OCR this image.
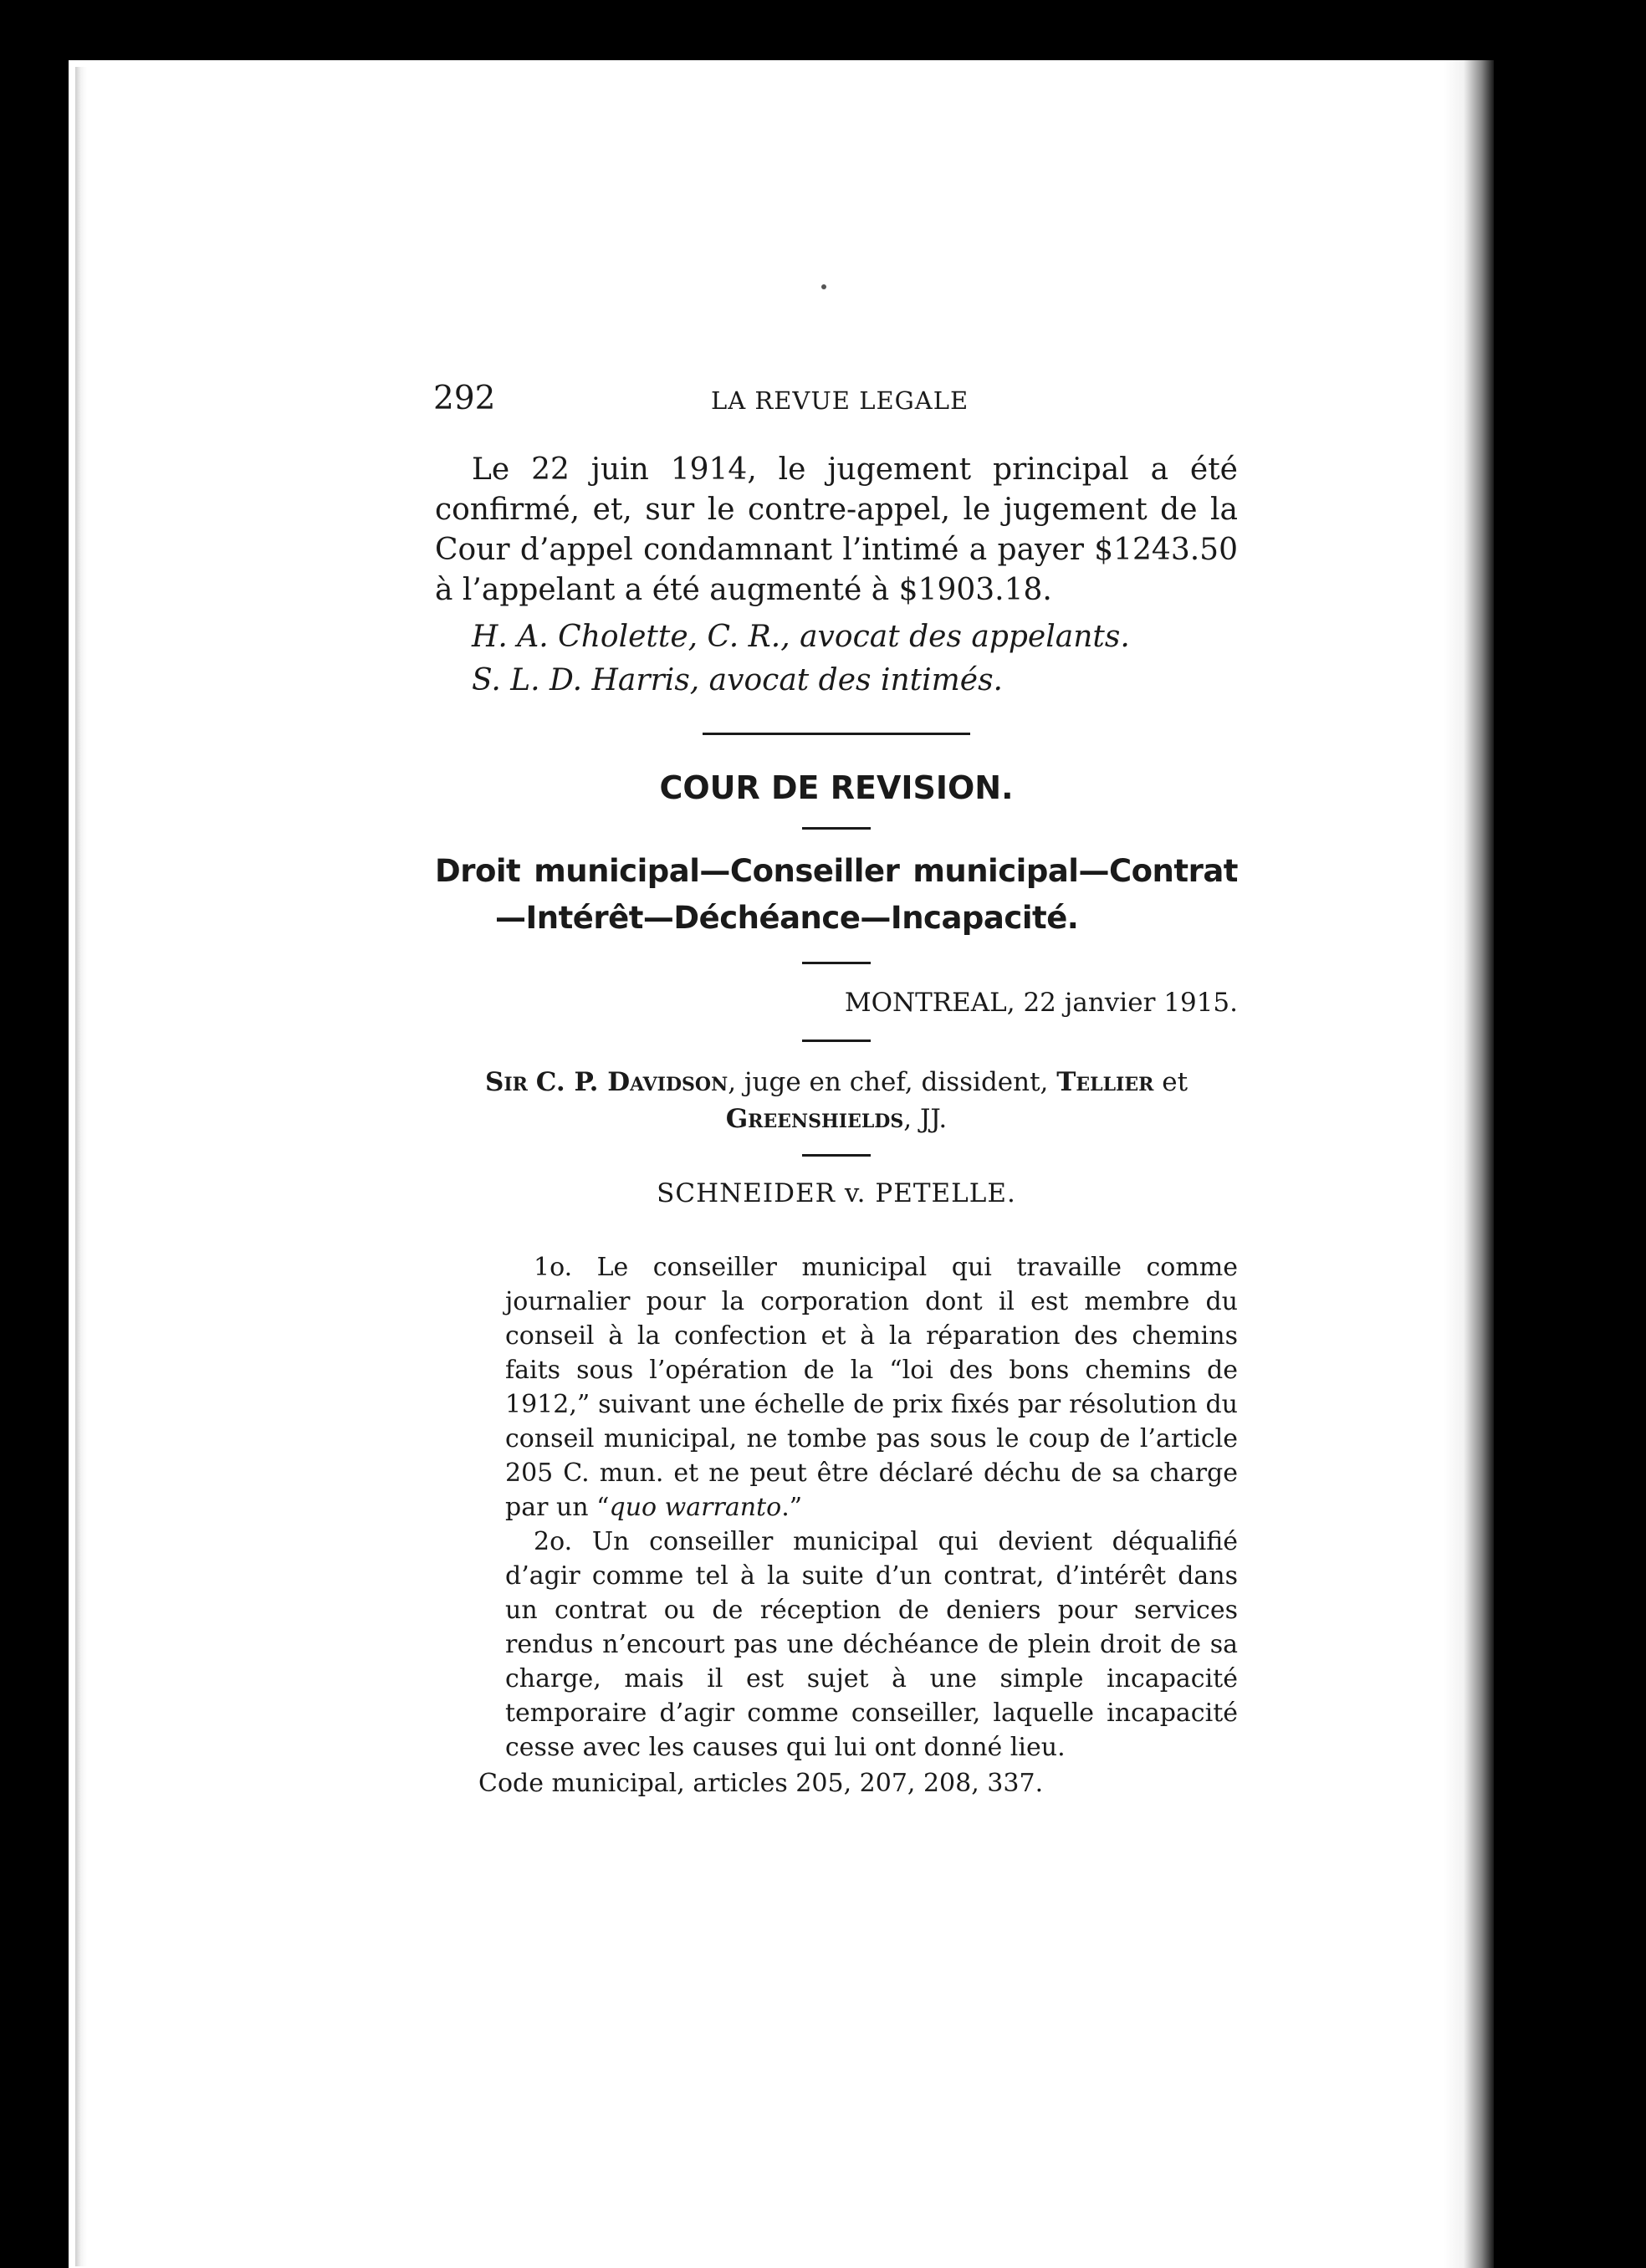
292	LA REVUE LEGALE

Le 22 juin 1914, le jugement principal a été confirmé, et, sur le contre-appel, le jugement de la Cour d’appel condamnant l’intimé a payer $1243.50 à l’appelant a été augmenté à $1903.18.

H. A. Cholette, C. R., avocat des appelants.

S. L. D. Harris, avocat des intimés.

COUR DE REVISION.
Droit municipal—Conseiller municipal—Contrat—Intérêt—Déchéance—Incapacité.
MONTREAL, 22 janvier 1915.
Sir C. P. Davidson, juge en chef, dissident, Tellier et Greenshields, JJ.
SCHNEIDER v. PETELLE.

1o. Le conseiller municipal qui travaille comme journalier pour la corporation dont il est membre du conseil à la confection et à la réparation des chemins faits sous l’opération de la “loi des bons chemins de 1912,” suivant une échelle de prix fixés par résolution du conseil municipal, ne tombe pas sous le coup de l’article 205 C. mun. et ne peut être déclaré déchu de sa charge par un “quo warranto.”

2o. Un conseiller municipal qui devient déqualifié d’agir comme tel à la suite d’un contrat, d’intérêt dans un contrat ou de réception de deniers pour services rendus n’encourt pas une déchéance de plein droit de sa charge, mais il est sujet à une simple incapacité temporaire d’agir comme conseiller, laquelle incapacité cesse avec les causes qui lui ont donné lieu.

Code municipal, articles 205, 207, 208, 337.
